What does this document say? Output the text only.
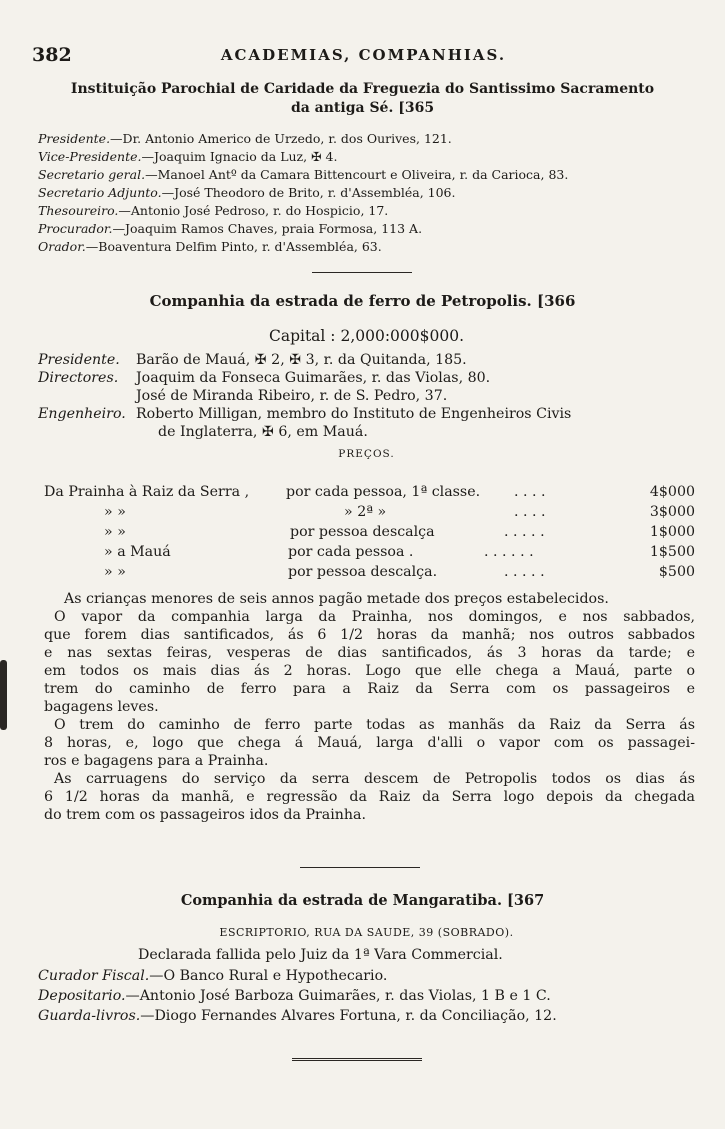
382	ACADEMIAS, COMPANHIAS.
Instituição Parochial de Caridade da Freguezia do Santissimo Sacramento
da antiga Sé. [365
Presidente.—Dr. Antonio Americo de Urzedo, r. dos Ourives, 121.
Vice-Presidente.—Joaquim Ignacio da Luz, ✠ 4.
Secretario geral.—Manoel Antº da Camara Bittencourt e Oliveira, r. da Carioca, 83.
Secretario Adjunto.—José Theodoro de Brito, r. d'Assembléa, 106.
Thesoureiro.—Antonio José Pedroso, r. do Hospicio, 17.
Procurador.—Joaquim Ramos Chaves, praia Formosa, 113 A.
Orador.—Boaventura Delfim Pinto, r. d'Assembléa, 63.
Companhia da estrada de ferro de Petropolis. [366
Capital : 2,000:000$000.
Presidente. Barão de Mauá, ✠ 2, ✠ 3, r. da Quitanda, 185.
Directores. Joaquim da Fonseca Guimarães, r. das Violas, 80.
José de Miranda Ribeiro, r. de S. Pedro, 37.
Engenheiro. Roberto Milligan, membro do Instituto de Engenheiros Civis
de Inglaterra, ✠ 6, em Mauá.
PREÇOS.
Da Prainha à Raiz da Serra ,	por cada pessoa, 1ª classe. . . . .	4$000
» »	» 2ª »	. . . .	3$000
» »	por pessoa descalça	. . . . .	1$000
» a Mauá	por cada pessoa .	. . . . . .	1$500
» »	por pessoa descalça.	. . . . .	$500
As crianças menores de seis annos pagão metade dos preços estabelecidos.
O vapor da companhia larga da Prainha, nos domingos, e nos sabbados,
que forem dias santificados, ás 6 1/2 horas da manhã; nos outros sabbados
e nas sextas feiras, vesperas de dias santificados, ás 3 horas da tarde; e
em todos os mais dias ás 2 horas. Logo que elle chega a Mauá, parte o
trem do caminho de ferro para a Raiz da Serra com os passageiros e
bagagens leves.
O trem do caminho de ferro parte todas as manhãs da Raiz da Serra ás
8 horas, e, logo que chega á Mauá, larga d'alli o vapor com os passagei-
ros e bagagens para a Prainha.
As carruagens do serviço da serra descem de Petropolis todos os dias ás
6 1/2 horas da manhã, e regressão da Raiz da Serra logo depois da chegada
do trem com os passageiros idos da Prainha.
Companhia da estrada de Mangaratiba. [367
ESCRIPTORIO, RUA DA SAUDE, 39 (SOBRADO).
Declarada fallida pelo Juiz da 1ª Vara Commercial.
Curador Fiscal.—O Banco Rural e Hypothecario.
Depositario.—Antonio José Barboza Guimarães, r. das Violas, 1 B e 1 C.
Guarda-livros.—Diogo Fernandes Alvares Fortuna, r. da Conciliação, 12.
